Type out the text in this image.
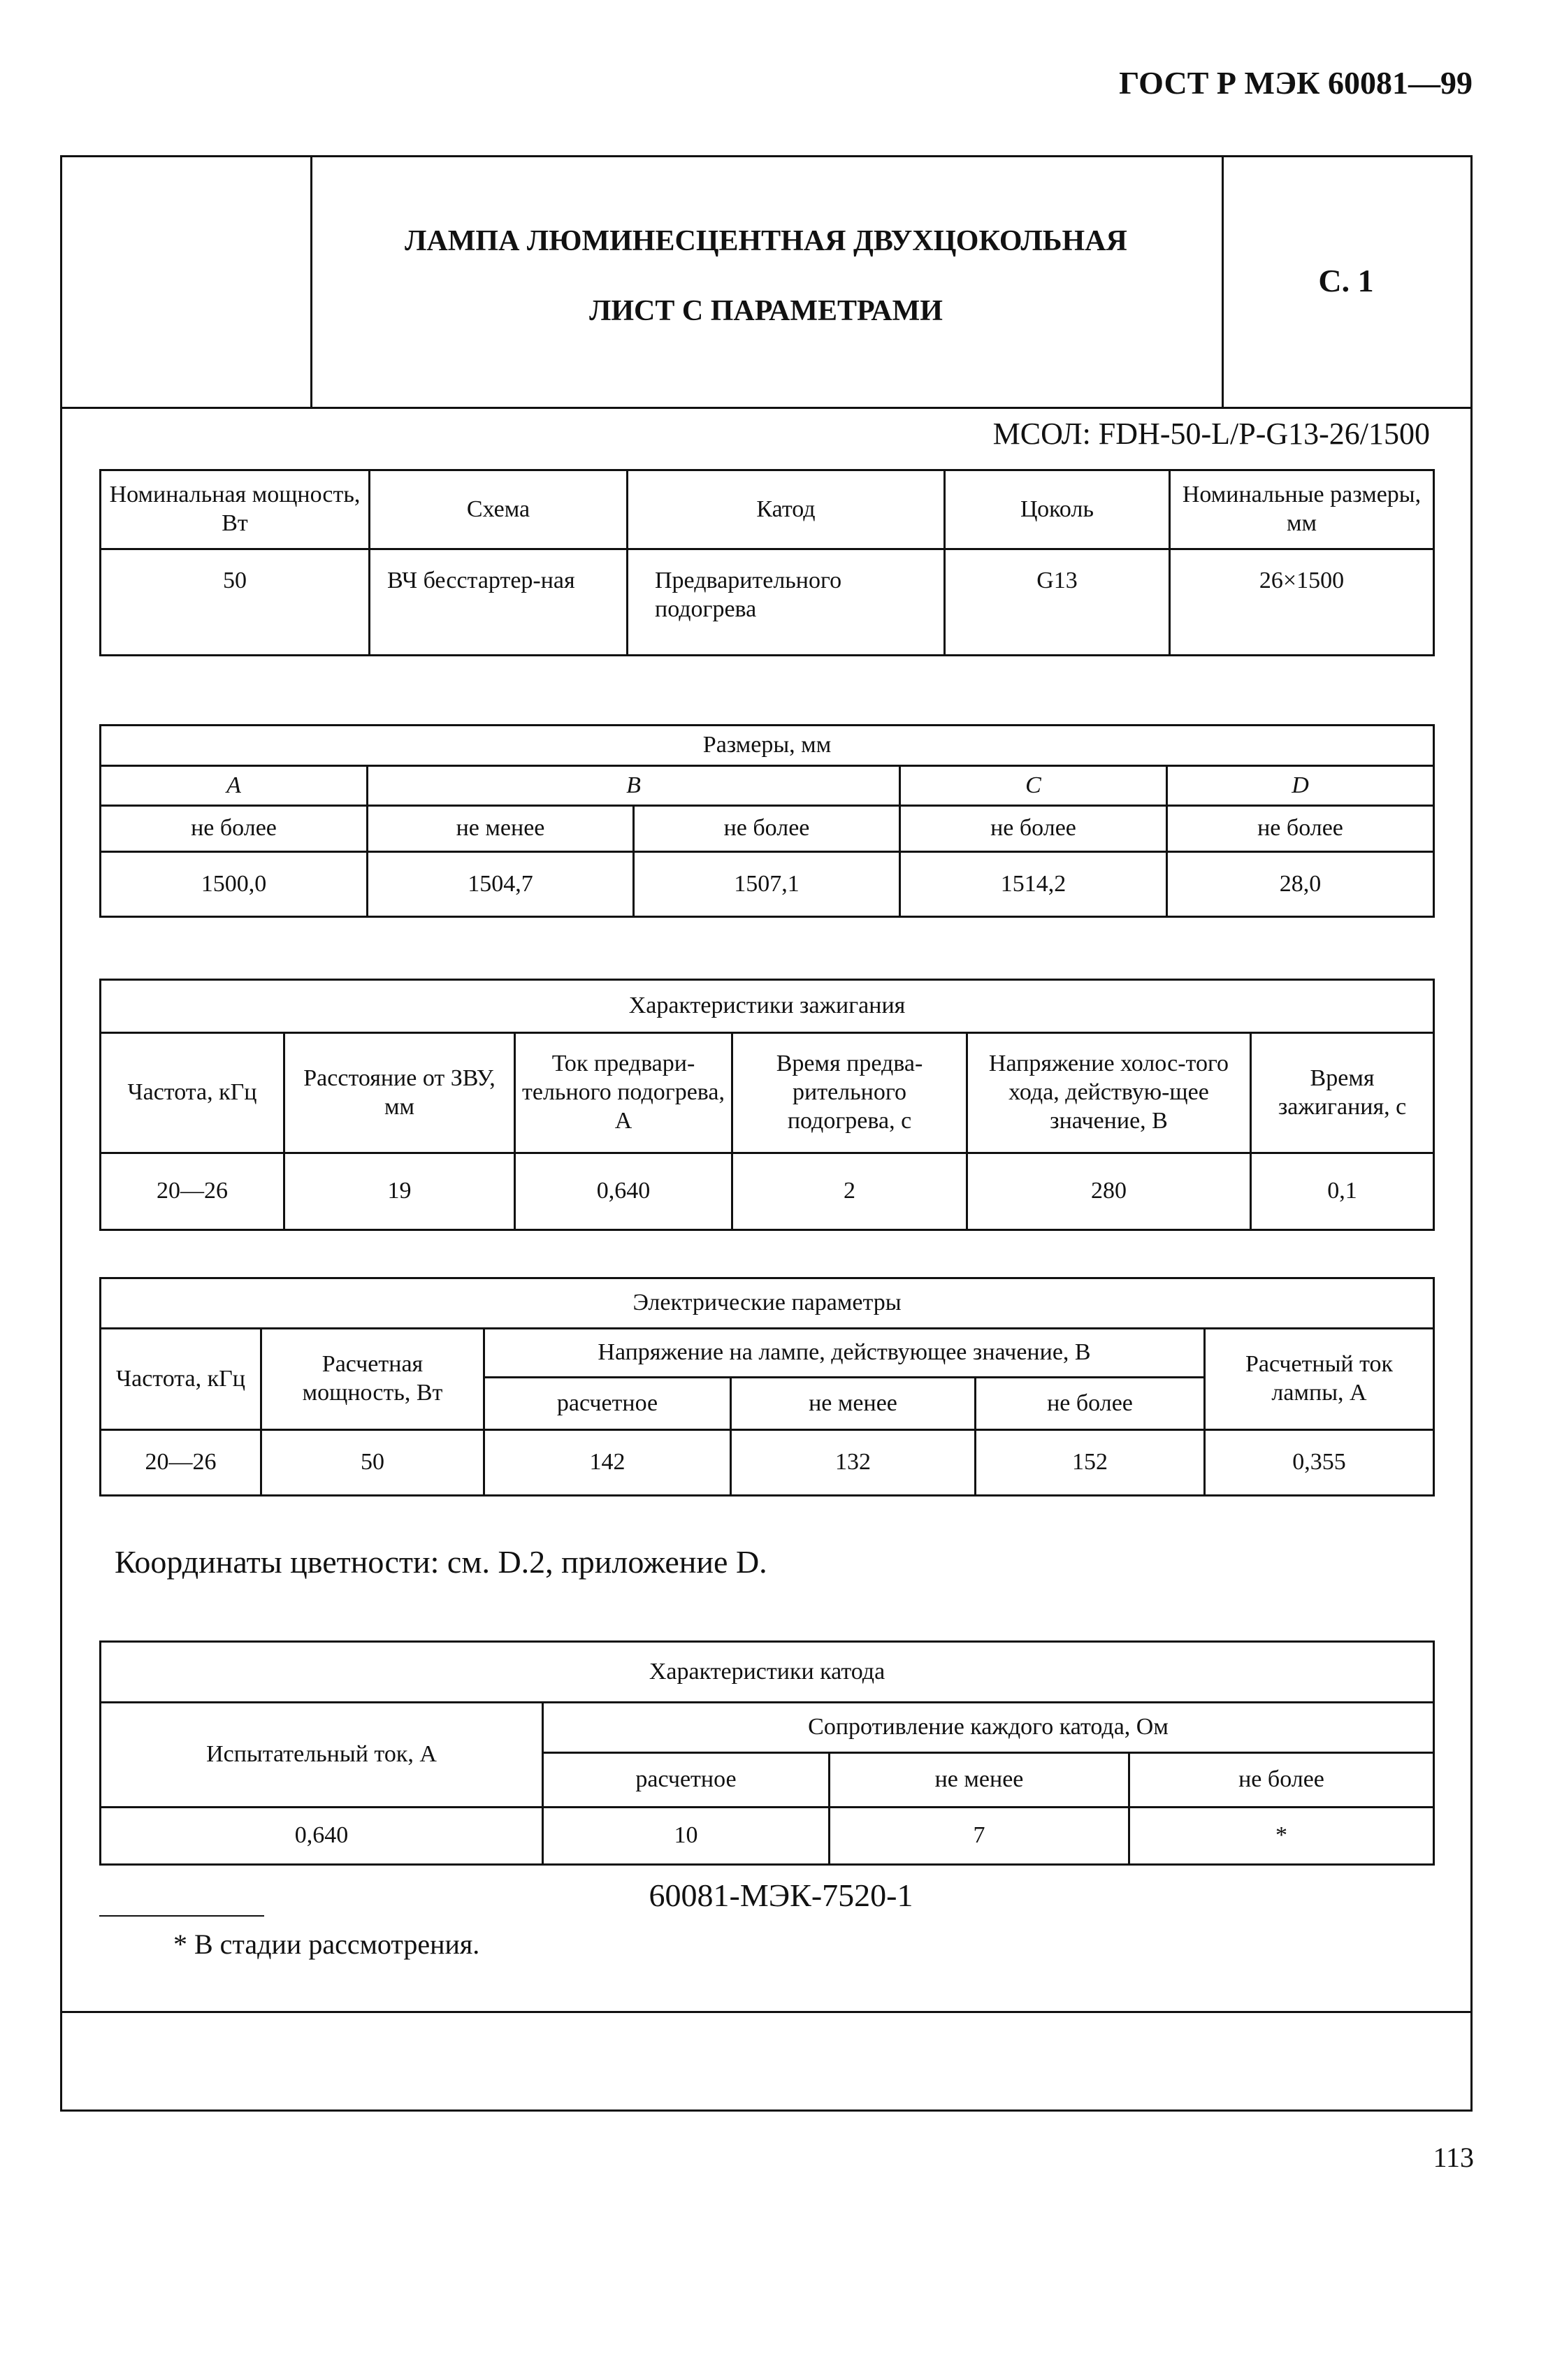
ГОСТ Р МЭК 60081—99
ЛАМПА ЛЮМИНЕСЦЕНТНАЯ ДВУХЦОКОЛЬНАЯ
ЛИСТ С ПАРАМЕТРАМИ
С. 1
МСОЛ: FDH-50-L/P-G13-26/1500
Номинальная мощность, Вт	Схема	Катод	Цоколь	Номинальные размеры, мм
50	ВЧ бесстартер-ная	Предварительного подогрева	G13	26×1500
Размеры, мм				
A	B		C	D
не более	не менее	не более	не более	не более
1500,0	1504,7	1507,1	1514,2	28,0
Характеристики зажигания					
Частота, кГц	Расстояние от ЗВУ, мм	Ток предвари-тельного подогрева, А	Время предва-рительного подогрева, с	Напряжение холос-того хода, действую-щее значение, В	Время зажигания, с
20—26	19	0,640	2	280	0,1
Электрические параметры					
Частота, кГц	Расчетная мощность, Вт	Напряжение на лампе, действующее значение, В			Расчетный ток лампы, А
		расчетное	не менее	не более	
20—26	50	142	132	152	0,355
Координаты цветности: см. D.2, приложение D.
Характеристики катода			
Испытательный ток, А	Сопротивление каждого катода, Ом		
	расчетное	не менее	не более
0,640	10	7	*
* В стадии рассмотрения.
60081-МЭК-7520-1
113
